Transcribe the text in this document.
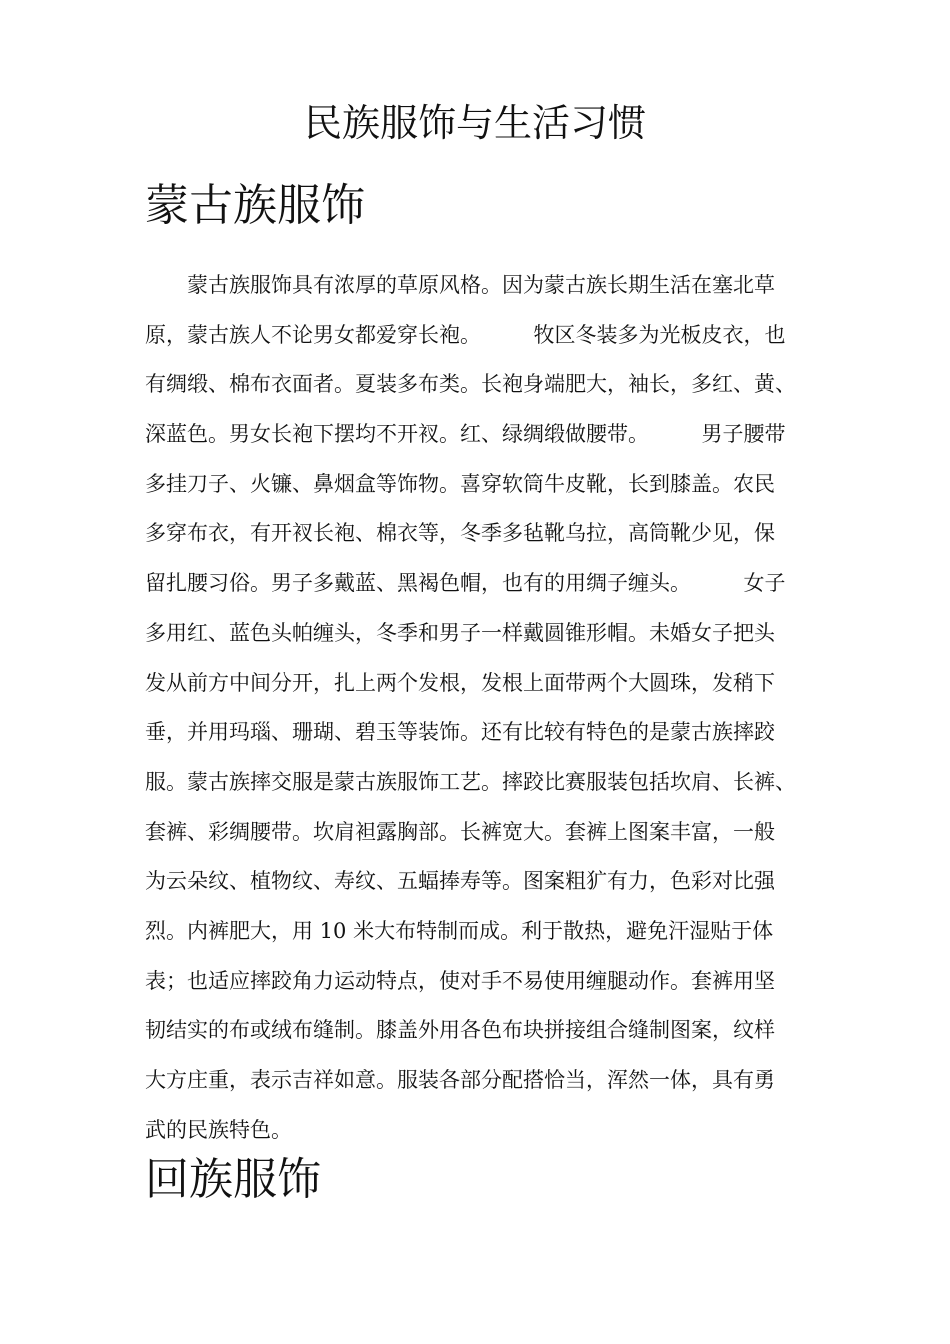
民族服饰与生活习惯
蒙古族服饰
　　蒙古族服饰具有浓厚的草原风格。因为蒙古族长期生活在塞北草
原，蒙古族人不论男女都爱穿长袍。　　　牧区冬装多为光板皮衣，也
有绸缎、棉布衣面者。夏装多布类。长袍身端肥大，袖长，多红、黄、
深蓝色。男女长袍下摆均不开衩。红、绿绸缎做腰带。　　　男子腰带
多挂刀子、火镰、鼻烟盒等饰物。喜穿软筒牛皮靴，长到膝盖。农民
多穿布衣，有开衩长袍、棉衣等，冬季多毡靴乌拉，高筒靴少见，保
留扎腰习俗。男子多戴蓝、黑褐色帽，也有的用绸子缠头。　　　女子
多用红、蓝色头帕缠头，冬季和男子一样戴圆锥形帽。未婚女子把头
发从前方中间分开，扎上两个发根，发根上面带两个大圆珠，发稍下
垂，并用玛瑙、珊瑚、碧玉等装饰。还有比较有特色的是蒙古族摔跤
服。蒙古族摔交服是蒙古族服饰工艺。摔跤比赛服装包括坎肩、长裤、
套裤、彩绸腰带。坎肩袒露胸部。长裤宽大。套裤上图案丰富，一般
为云朵纹、植物纹、寿纹、五蝠捧寿等。图案粗犷有力，色彩对比强
烈。内裤肥大，用 10 米大布特制而成。利于散热，避免汗湿贴于体
表；也适应摔跤角力运动特点，使对手不易使用缠腿动作。套裤用坚
韧结实的布或绒布缝制。膝盖外用各色布块拼接组合缝制图案，纹样
大方庄重，表示吉祥如意。服装各部分配搭恰当，浑然一体，具有勇
武的民族特色。
回族服饰
